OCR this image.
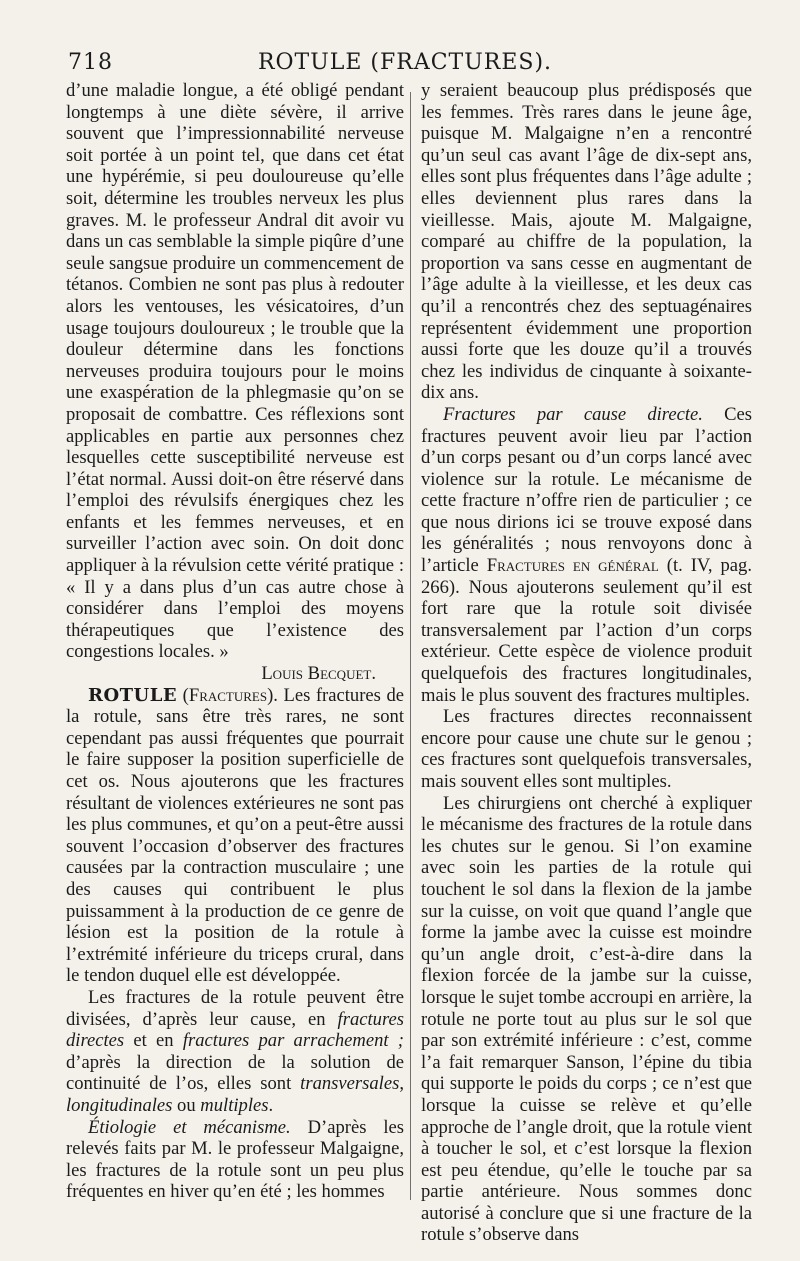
718	ROTULE (FRACTURES).

d’une maladie longue, a été obligé pendant longtemps à une diète sévère, il arrive souvent que l’impressionnabilité nerveuse soit portée à un point tel, que dans cet état une hypérémie, si peu douloureuse qu’elle soit, détermine les troubles nerveux les plus graves. M. le professeur Andral dit avoir vu dans un cas semblable la simple piqûre d’une seule sangsue produire un commencement de tétanos. Combien ne sont pas plus à redouter alors les ventouses, les vésicatoires, d’un usage toujours douloureux ; le trouble que la douleur détermine dans les fonctions nerveuses produira toujours pour le moins une exaspération de la phlegmasie qu’on se proposait de combattre. Ces réflexions sont applicables en partie aux personnes chez lesquelles cette susceptibilité nerveuse est l’état normal. Aussi doit-on être réservé dans l’emploi des révulsifs énergiques chez les enfants et les femmes nerveuses, et en surveiller l’action avec soin. On doit donc appliquer à la révulsion cette vérité pratique : « Il y a dans plus d’un cas autre chose à considérer dans l’emploi des moyens thérapeutiques que l’existence des congestions locales. »

Louis Becquet.

ROTULE (Fractures). Les fractures de la rotule, sans être très rares, ne sont cependant pas aussi fréquentes que pourrait le faire supposer la position superficielle de cet os. Nous ajouterons que les fractures résultant de violences extérieures ne sont pas les plus communes, et qu’on a peut-être aussi souvent l’occasion d’observer des fractures causées par la contraction musculaire ; une des causes qui contribuent le plus puissamment à la production de ce genre de lésion est la position de la rotule à l’extrémité inférieure du triceps crural, dans le tendon duquel elle est développée.

Les fractures de la rotule peuvent être divisées, d’après leur cause, en fractures directes et en fractures par arrachement ; d’après la direction de la solution de continuité de l’os, elles sont transversales, longitudinales ou multiples.

Étiologie et mécanisme. D’après les relevés faits par M. le professeur Malgaigne, les fractures de la rotule sont un peu plus fréquentes en hiver qu’en été ; les hommes

y seraient beaucoup plus prédisposés que les femmes. Très rares dans le jeune âge, puisque M. Malgaigne n’en a rencontré qu’un seul cas avant l’âge de dix-sept ans, elles sont plus fréquentes dans l’âge adulte ; elles deviennent plus rares dans la vieillesse. Mais, ajoute M. Malgaigne, comparé au chiffre de la population, la proportion va sans cesse en augmentant de l’âge adulte à la vieillesse, et les deux cas qu’il a rencontrés chez des septuagénaires représentent évidemment une proportion aussi forte que les douze qu’il a trouvés chez les individus de cinquante à soixante-dix ans.

Fractures par cause directe. Ces fractures peuvent avoir lieu par l’action d’un corps pesant ou d’un corps lancé avec violence sur la rotule. Le mécanisme de cette fracture n’offre rien de particulier ; ce que nous dirions ici se trouve exposé dans les généralités ; nous renvoyons donc à l’article Fractures en général (t. IV, pag. 266). Nous ajouterons seulement qu’il est fort rare que la rotule soit divisée transversalement par l’action d’un corps extérieur. Cette espèce de violence produit quelquefois des fractures longitudinales, mais le plus souvent des fractures multiples.

Les fractures directes reconnaissent encore pour cause une chute sur le genou ; ces fractures sont quelquefois transversales, mais souvent elles sont multiples.

Les chirurgiens ont cherché à expliquer le mécanisme des fractures de la rotule dans les chutes sur le genou. Si l’on examine avec soin les parties de la rotule qui touchent le sol dans la flexion de la jambe sur la cuisse, on voit que quand l’angle que forme la jambe avec la cuisse est moindre qu’un angle droit, c’est-à-dire dans la flexion forcée de la jambe sur la cuisse, lorsque le sujet tombe accroupi en arrière, la rotule ne porte tout au plus sur le sol que par son extrémité inférieure : c’est, comme l’a fait remarquer Sanson, l’épine du tibia qui supporte le poids du corps ; ce n’est que lorsque la cuisse se relève et qu’elle approche de l’angle droit, que la rotule vient à toucher le sol, et c’est lorsque la flexion est peu étendue, qu’elle le touche par sa partie antérieure. Nous sommes donc autorisé à conclure que si une fracture de la rotule s’observe dans
